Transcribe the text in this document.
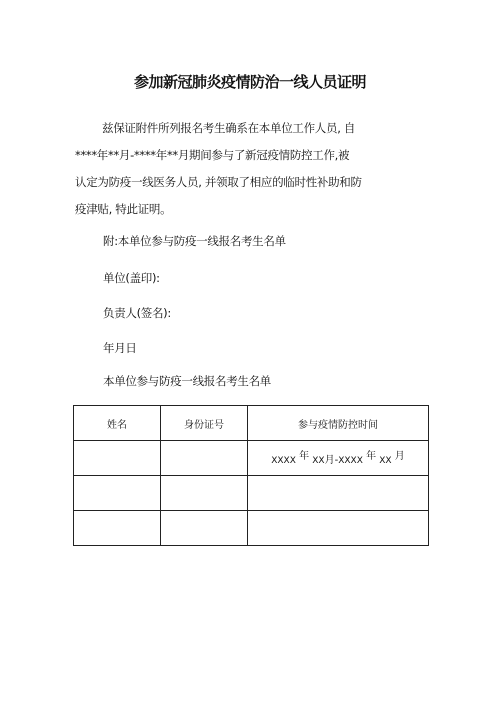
参加新冠肺炎疫情防治一线人员证明

兹保证附件所列报名考生确系在本单位工作人员, 自

****年**月-****年**月期间参与了新冠疫情防控工作,被

认定为防疫一线医务人员, 并领取了相应的临时性补助和防

疫津贴, 特此证明。

附:本单位参与防疫一线报名考生名单
单位(盖印):
负责人(签名):
年月日
本单位参与防疫一线报名考生名单
姓名	身份证号	参与疫情防控时间
		XXXX 年 XX月-XXXX 年 XX 月
